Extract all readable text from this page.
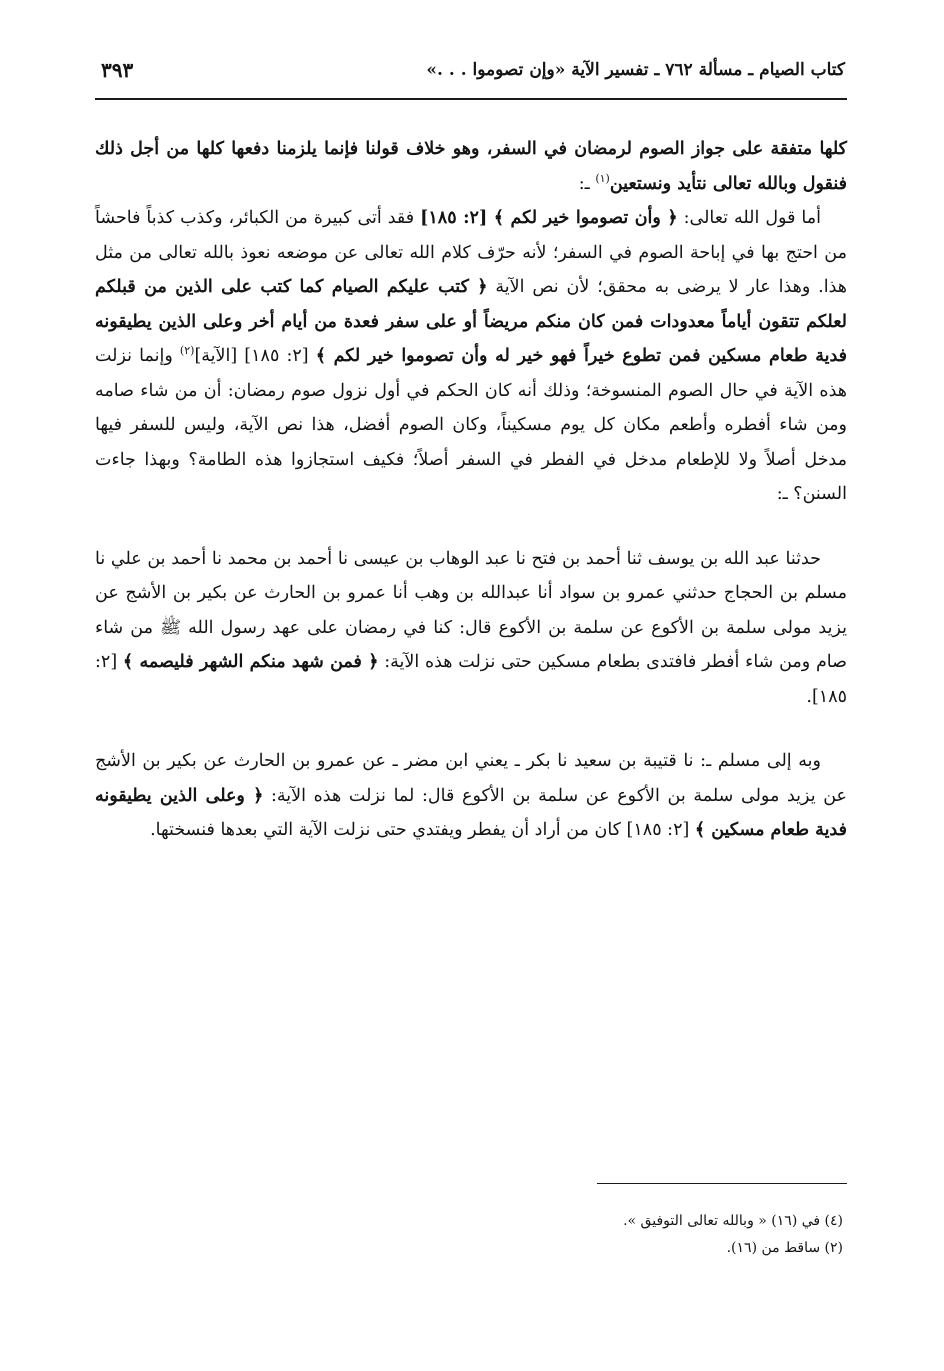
كتاب الصيام ـ مسألة ٧٦٢ ـ تفسير الآية «وإن تصوموا . . .»
٣٩٣

كلها متفقة على جواز الصوم لرمضان في السفر، وهو خلاف قولنا فإنما يلزمنا دفعها كلها من أجل ذلك فنقول وبالله تعالى نتأيد ونستعين$^{(١)}$ ـ:

أما قول الله تعالى: ﴿ وأن تصوموا خير لكم ﴾ [٢: ١٨٥] فقد أتى كبيرة من الكبائر، وكذب كذباً فاحشاً من احتج بها في إباحة الصوم في السفر؛ لأنه حرّف كلام الله تعالى عن موضعه نعوذ بالله تعالى من مثل هذا. وهذا عار لا يرضى به محقق؛ لأن نص الآية ﴿ كتب عليكم الصيام كما كتب على الذين من قبلكم لعلكم تتقون أياماً معدودات فمن كان منكم مريضاً أو على سفر فعدة من أيام أخر وعلى الذين يطيقونه فدية طعام مسكين فمن تطوع خيراً فهو خير له وأن تصوموا خير لكم ﴾ [٢: ١٨٥] [الآية]$^{(٢)}$ وإنما نزلت هذه الآية في حال الصوم المنسوخة؛ وذلك أنه كان الحكم في أول نزول صوم رمضان: أن من شاء صامه ومن شاء أفطره وأطعم مكان كل يوم مسكيناً، وكان الصوم أفضل، هذا نص الآية، وليس للسفر فيها مدخل أصلاً ولا للإطعام مدخل في الفطر في السفر أصلاً؛ فكيف استجازوا هذه الطامة؟ وبهذا جاءت السنن؟ ـ:

حدثنا عبد الله بن يوسف ثنا أحمد بن فتح نا عبد الوهاب بن عيسى نا أحمد بن محمد نا أحمد بن علي نا مسلم بن الحجاج حدثني عمرو بن سواد أنا عبدالله بن وهب أنا عمرو بن الحارث عن بكير بن الأشج عن يزيد مولى سلمة بن الأكوع عن سلمة بن الأكوع قال: كنا في رمضان على عهد رسول الله ﷺ من شاء صام ومن شاء أفطر فافتدى بطعام مسكين حتى نزلت هذه الآية: ﴿ فمن شهد منكم الشهر فليصمه ﴾ [٢: ١٨٥].

وبه إلى مسلم ـ: نا قتيبة بن سعيد نا بكر ـ يعني ابن مضر ـ عن عمرو بن الحارث عن بكير بن الأشج عن يزيد مولى سلمة بن الأكوع عن سلمة بن الأكوع قال: لما نزلت هذه الآية: ﴿ وعلى الذين يطيقونه فدية طعام مسكين ﴾ [٢: ١٨٥] كان من أراد أن يفطر ويفتدي حتى نزلت الآية التي بعدها فنسختها.

(٤) في (١٦) « وبالله تعالى التوفيق ».

(٢) ساقط من (١٦).
